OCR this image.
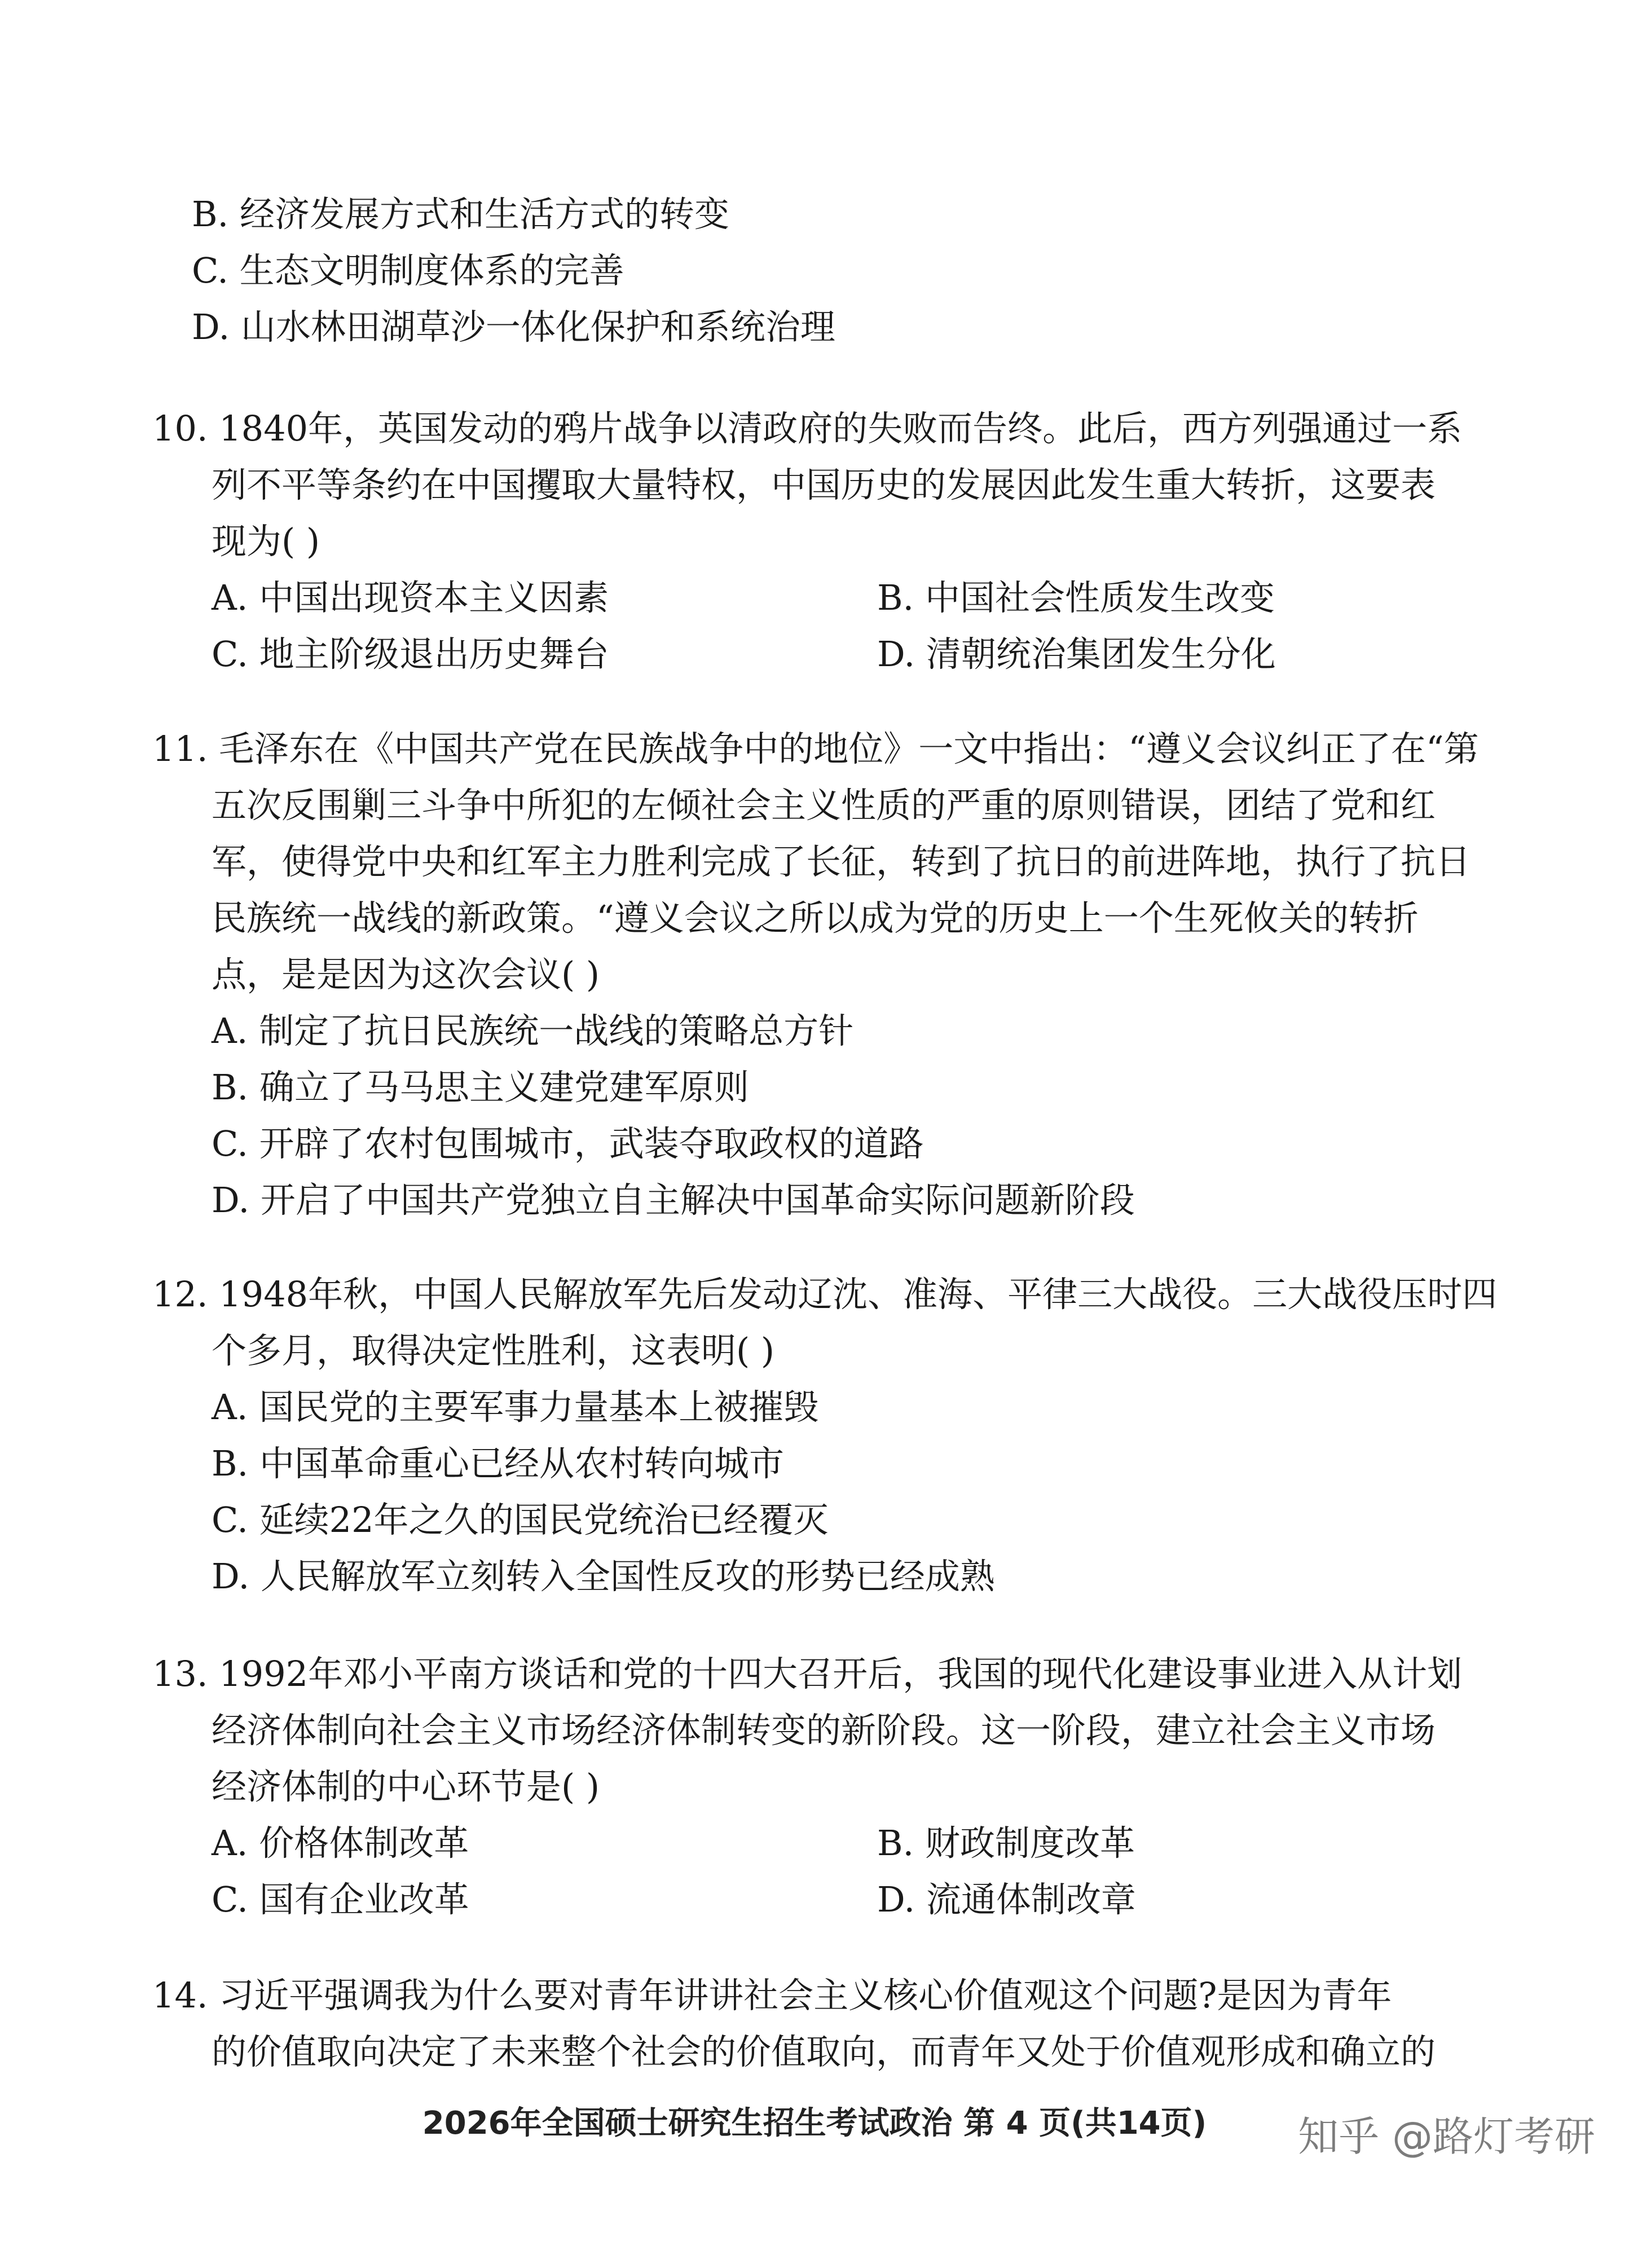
B. 经济发展方式和生活方式的转变
C. 生态文明制度体系的完善
D. 山水林田湖草沙一体化保护和系统治理
10. 1840年，英国发动的鸦片战争以清政府的失败而告终。此后，西方列强通过一系
列不平等条约在中国攫取大量特权，中国历史的发展因此发生重大转折，这要表
现为( )
A. 中国出现资本主义因素	B. 中国社会性质发生改变
C. 地主阶级退出历史舞台	D. 清朝统治集团发生分化
11. 毛泽东在《中国共产党在民族战争中的地位》一文中指出：“遵义会议纠正了在“第
五次反围剿三斗争中所犯的左倾社会主义性质的严重的原则错误，团结了党和红
军，使得党中央和红军主力胜利完成了长征，转到了抗日的前进阵地，执行了抗日
民族统一战线的新政策。“遵义会议之所以成为党的历史上一个生死攸关的转折
点，是是因为这次会议( )
A. 制定了抗日民族统一战线的策略总方针
B. 确立了马马思主义建党建军原则
C. 开辟了农村包围城市，武装夺取政权的道路
D. 开启了中国共产党独立自主解决中国革命实际问题新阶段
12. 1948年秋，中国人民解放军先后发动辽沈、准海、平律三大战役。三大战役压时四
个多月，取得决定性胜利，这表明( )
A. 国民党的主要军事力量基本上被摧毁
B. 中国革命重心已经从农村转向城市
C. 延续22年之久的国民党统治已经覆灭
D. 人民解放军立刻转入全国性反攻的形势已经成熟
13. 1992年邓小平南方谈话和党的十四大召开后，我国的现代化建设事业进入从计划
经济体制向社会主义市场经济体制转变的新阶段。这一阶段，建立社会主义市场
经济体制的中心环节是( )
A. 价格体制改革	B. 财政制度改革
C. 国有企业改革	D. 流通体制改章
14. 习近平强调我为什么要对青年讲讲社会主义核心价值观这个问题?是因为青年
的价值取向决定了未来整个社会的价值取向，而青年又处于价值观形成和确立的
2026年全国硕士研究生招生考试政治 第 4 页(共14页)	知乎 @路灯考研
